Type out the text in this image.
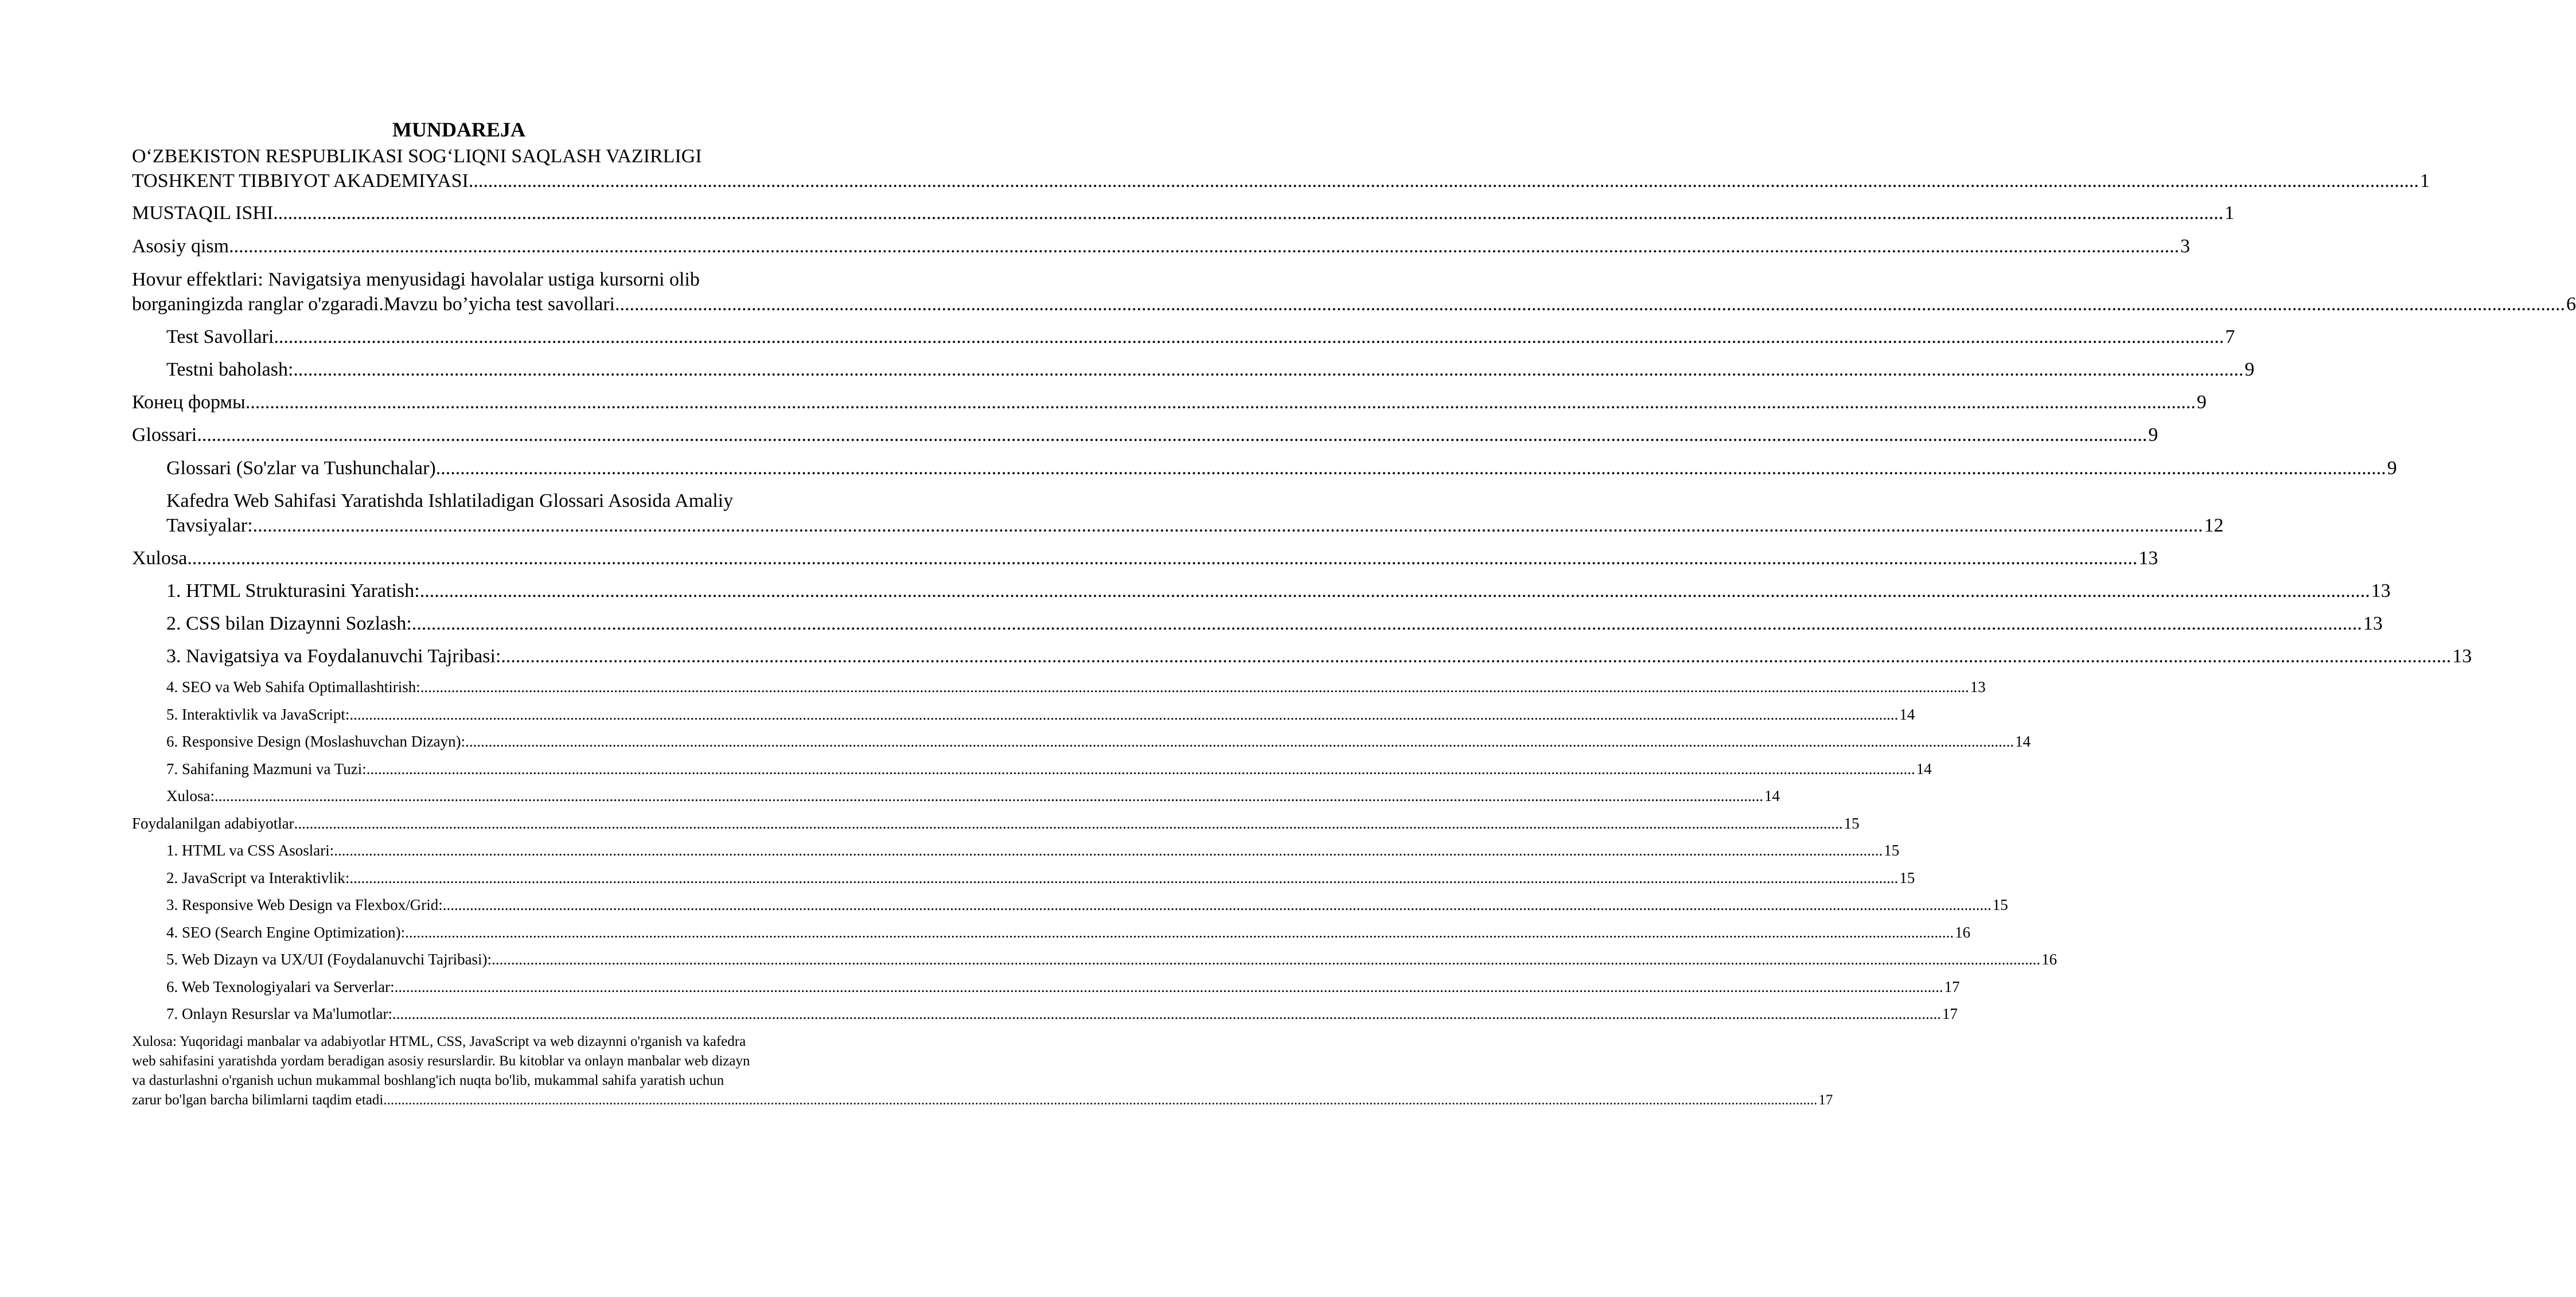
MUNDAREJA
O‘ZBEKISTON RESPUBLIKASI SOG‘LIQNI SAQLASH VAZIRLIGI
TOSHKENT TIBBIYOT AKADEMIYASI ................................................................................................................................................................................................................................................................................................................................................................................................................ 1
MUSTAQIL ISHI ................................................................................................................................................................................................................................................................................................................................................................................................................ 1
Asosiy qism ................................................................................................................................................................................................................................................................................................................................................................................................................ 3
Hovur effektlari: Navigatsiya menyusidagi havolalar ustiga kursorni olib
borganingizda ranglar o'zgaradi.Mavzu bo’yicha test savollari ................................................................................................................................................................................................................................................................................................................................................................................................................ 6
Test Savollari ................................................................................................................................................................................................................................................................................................................................................................................................................ 7
Testni baholash: ................................................................................................................................................................................................................................................................................................................................................................................................................ 9
Конец формы ................................................................................................................................................................................................................................................................................................................................................................................................................ 9
Glossari ................................................................................................................................................................................................................................................................................................................................................................................................................ 9
Glossari (So'zlar va Tushunchalar) ................................................................................................................................................................................................................................................................................................................................................................................................................ 9
Kafedra Web Sahifasi Yaratishda Ishlatiladigan Glossari Asosida Amaliy
Tavsiyalar: ................................................................................................................................................................................................................................................................................................................................................................................................................ 12
Xulosa ................................................................................................................................................................................................................................................................................................................................................................................................................ 13
1. HTML Strukturasini Yaratish: ................................................................................................................................................................................................................................................................................................................................................................................................................ 13
2. CSS bilan Dizaynni Sozlash: ................................................................................................................................................................................................................................................................................................................................................................................................................ 13
3. Navigatsiya va Foydalanuvchi Tajribasi: ................................................................................................................................................................................................................................................................................................................................................................................................................ 13
4. SEO va Web Sahifa Optimallashtirish: ................................................................................................................................................................................................................................................................................................................................................................................................................ 13
5. Interaktivlik va JavaScript: ................................................................................................................................................................................................................................................................................................................................................................................................................ 14
6. Responsive Design (Moslashuvchan Dizayn): ................................................................................................................................................................................................................................................................................................................................................................................................................ 14
7. Sahifaning Mazmuni va Tuzi: ................................................................................................................................................................................................................................................................................................................................................................................................................ 14
Xulosa: ................................................................................................................................................................................................................................................................................................................................................................................................................ 14
Foydalanilgan adabiyotlar ................................................................................................................................................................................................................................................................................................................................................................................................................ 15
1. HTML va CSS Asoslari: ................................................................................................................................................................................................................................................................................................................................................................................................................ 15
2. JavaScript va Interaktivlik: ................................................................................................................................................................................................................................................................................................................................................................................................................ 15
3. Responsive Web Design va Flexbox/Grid: ................................................................................................................................................................................................................................................................................................................................................................................................................ 15
4. SEO (Search Engine Optimization): ................................................................................................................................................................................................................................................................................................................................................................................................................ 16
5. Web Dizayn va UX/UI (Foydalanuvchi Tajribasi): ................................................................................................................................................................................................................................................................................................................................................................................................................ 16
6. Web Texnologiyalari va Serverlar: ................................................................................................................................................................................................................................................................................................................................................................................................................ 17
7. Onlayn Resurslar va Ma'lumotlar: ................................................................................................................................................................................................................................................................................................................................................................................................................ 17
Xulosa: Yuqoridagi manbalar va adabiyotlar HTML, CSS, JavaScript va web dizaynni o'rganish va kafedra
web sahifasini yaratishda yordam beradigan asosiy resurslardir. Bu kitoblar va onlayn manbalar web dizayn
va dasturlashni o'rganish uchun mukammal boshlang'ich nuqta bo'lib, mukammal sahifa yaratish uchun
zarur bo'lgan barcha bilimlarni taqdim etadi ................................................................................................................................................................................................................................................................................................................................................................................................................ 17
